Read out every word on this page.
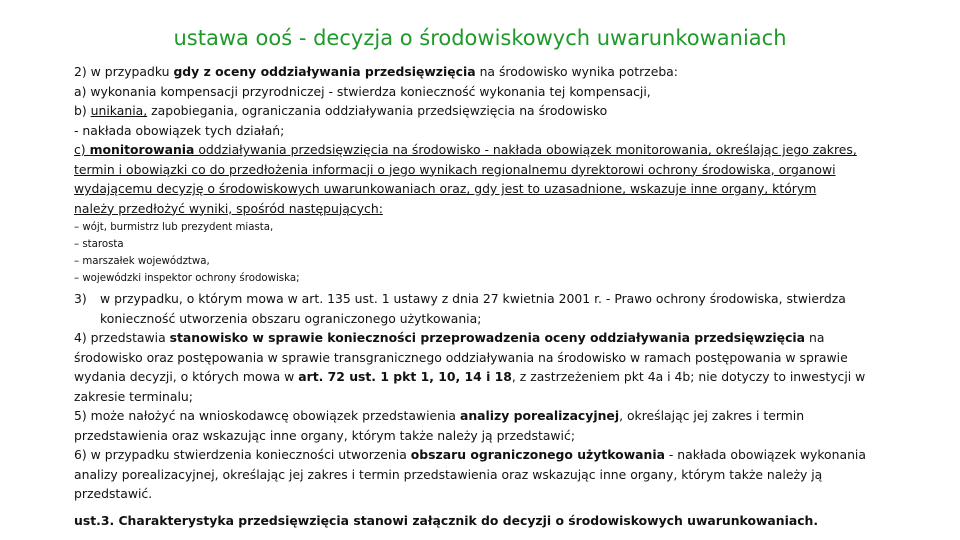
ustawa ooś - decyzja o środowiskowych uwarunkowaniach
2) w przypadku gdy z oceny oddziaływania przedsięwzięcia na środowisko wynika potrzeba:
a) wykonania kompensacji przyrodniczej - stwierdza konieczność wykonania tej kompensacji,
b) unikania, zapobiegania, ograniczania oddziaływania przedsięwzięcia na środowisko
- nakłada obowiązek tych działań;
c) monitorowania oddziaływania przedsięwzięcia na środowisko - nakłada obowiązek monitorowania, określając jego zakres,
termin i obowiązki co do przedłożenia informacji o jego wynikach regionalnemu dyrektorowi ochrony środowiska, organowi
wydającemu decyzję o środowiskowych uwarunkowaniach oraz, gdy jest to uzasadnione, wskazuje inne organy, którym
należy przedłożyć wyniki, spośród następujących:
– wójt, burmistrz lub prezydent miasta,
– starosta
– marszałek województwa,
– wojewódzki inspektor ochrony środowiska;
3)	w przypadku, o którym mowa w art. 135 ust. 1 ustawy z dnia 27 kwietnia 2001 r. - Prawo ochrony środowiska, stwierdza konieczność utworzenia obszaru ograniczonego użytkowania;
4) przedstawia stanowisko w sprawie konieczności przeprowadzenia oceny oddziaływania przedsięwzięcia na środowisko oraz postępowania w sprawie transgranicznego oddziaływania na środowisko w ramach postępowania w sprawie wydania decyzji, o których mowa w art. 72 ust. 1 pkt 1, 10, 14 i 18, z zastrzeżeniem pkt 4a i 4b; nie dotyczy to inwestycji w zakresie terminalu;
5) może nałożyć na wnioskodawcę obowiązek przedstawienia analizy porealizacyjnej, określając jej zakres i termin przedstawienia oraz wskazując inne organy, którym także należy ją przedstawić;
6) w przypadku stwierdzenia konieczności utworzenia obszaru ograniczonego użytkowania - nakłada obowiązek wykonania analizy porealizacyjnej, określając jej zakres i termin przedstawienia oraz wskazując inne organy, którym także należy ją przedstawić.
ust.3. Charakterystyka przedsięwzięcia stanowi załącznik do decyzji o środowiskowych uwarunkowaniach.
